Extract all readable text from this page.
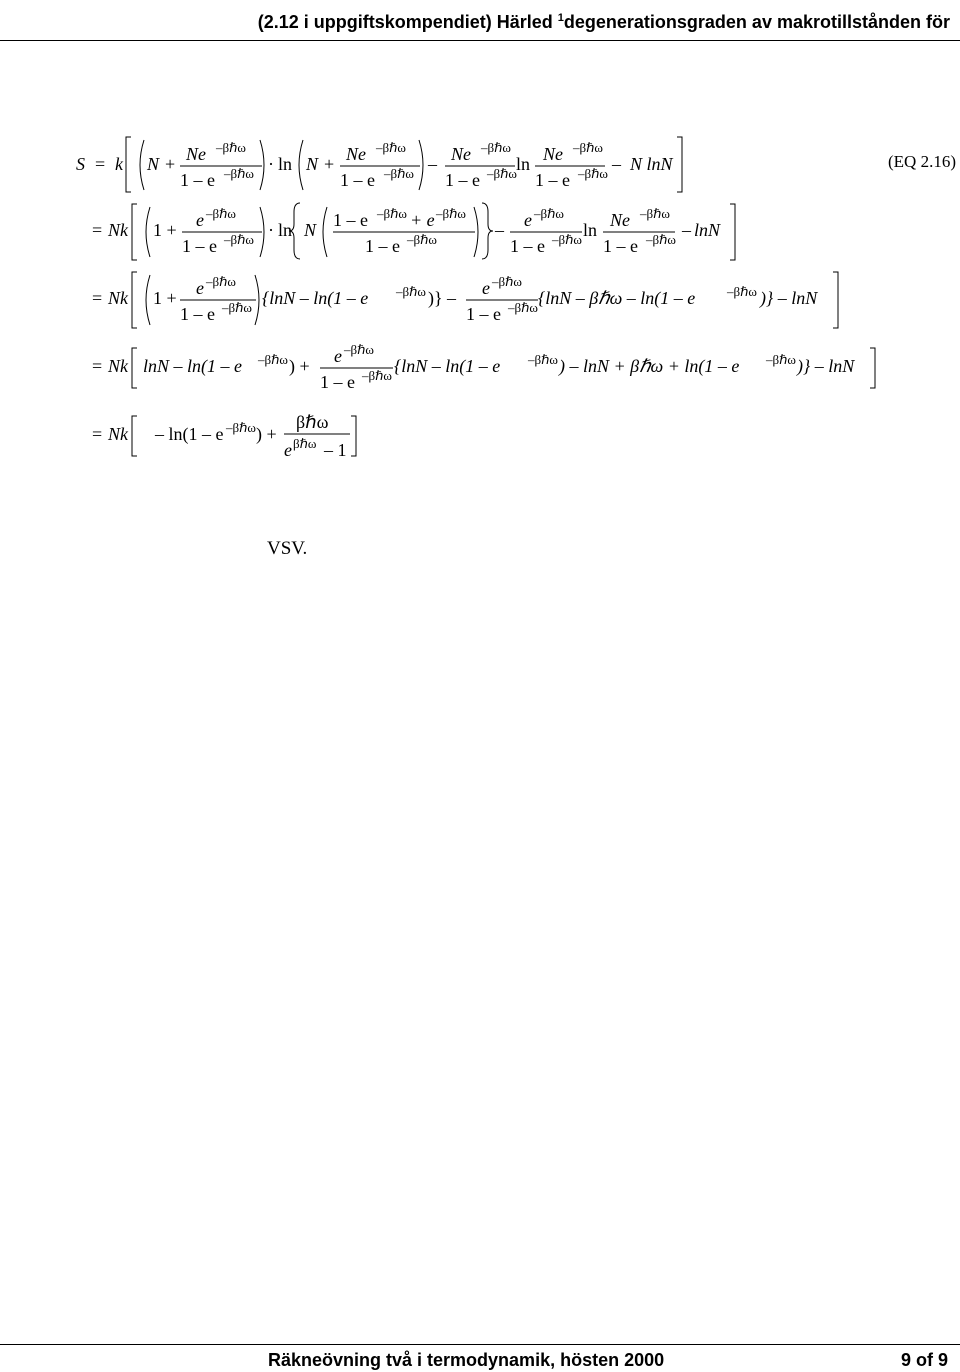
(2.12 i uppgiftskompendiet) Härled $^1$degenerationsgraden av makrotillstånden för
(EQ 2.16)
S = k N + Ne –βℏω
1 – e –βℏω · ln N + Ne –βℏω
1 – e –βℏω – Ne –βℏω
1 – e –βℏω ln Ne –βℏω
1 – e –βℏω – N lnN
= Nk 1 + e –βℏω
1 – e –βℏω · ln N 1 – e –βℏω + e –βℏω
1 – e –βℏω	– e –βℏω
1 – e –βℏω ln Ne –βℏω
1 – e –βℏω – lnN
= Nk 1 + e –βℏω
1 – e –βℏω {lnN – ln(1 – e –βℏω )} – e –βℏω
1 – e –βℏω {lnN – βℏω – ln(1 – e –βℏω )} – lnN
= Nk lnN – ln(1 – e –βℏω ) + e –βℏω
1 – e –βℏω {lnN – ln(1 – e –βℏω ) – lnN + βℏω + ln(1 – e –βℏω )} – lnN
= Nk – ln(1 – e –βℏω ) +
βℏω
e βℏω – 1
VSV.
Räkneövning två i termodynamik, hösten 2000	9 of 9
